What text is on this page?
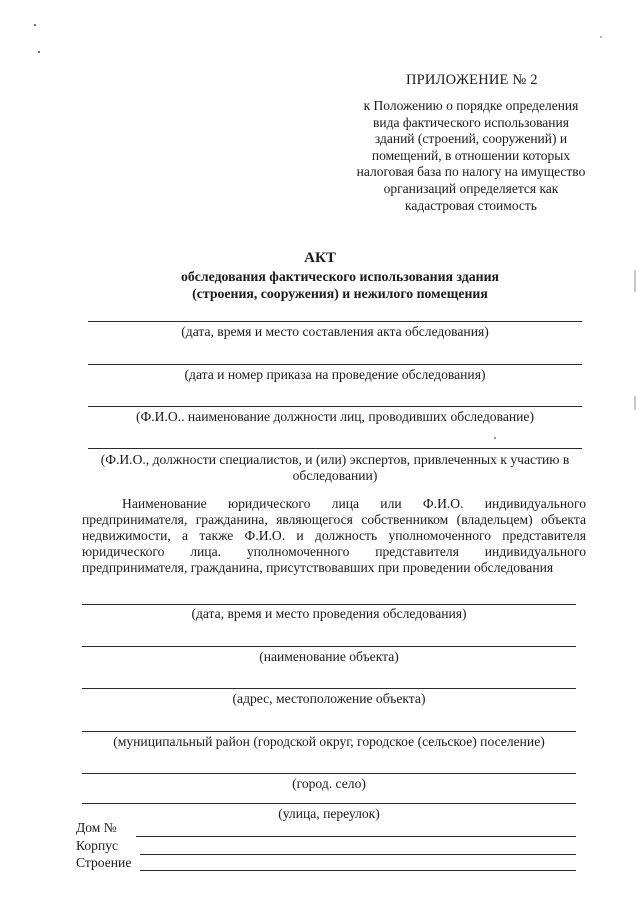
ПРИЛОЖЕНИЕ № 2
к Положению о порядке определения
вида фактического использования
зданий (строений, сооружений) и
помещений, в отношении которых
налоговая база по налогу на имущество
организаций определяется как
кадастровая стоимость
АКТ
обследования фактического использования здания
(строения, сооружения) и нежилого помещения
(дата, время и место составления акта обследования)
(дата и номер приказа на проведение обследования)
(Ф.И.О.. наименование должности лиц, проводивших обследование)
(Ф.И.О., должности специалистов, и (или) экспертов, привлеченных к участию в обследовании)
Наименование юридического лица или Ф.И.О. индивидуального предпринимателя, гражданина, являющегося собственником (владельцем) объекта недвижимости, а также Ф.И.О. и должность уполномоченного представителя юридического лица. уполномоченного представителя индивидуального предпринимателя, гражданина, присутствовавших при проведении обследования
(дата, время и место проведения обследования)
(наименование объекта)
(адрес, местоположение объекта)
(муниципальный район (городской округ, городское (сельское) поселение)
(город. село)
(улица, переулок)
Дом №
Корпус
Строение
